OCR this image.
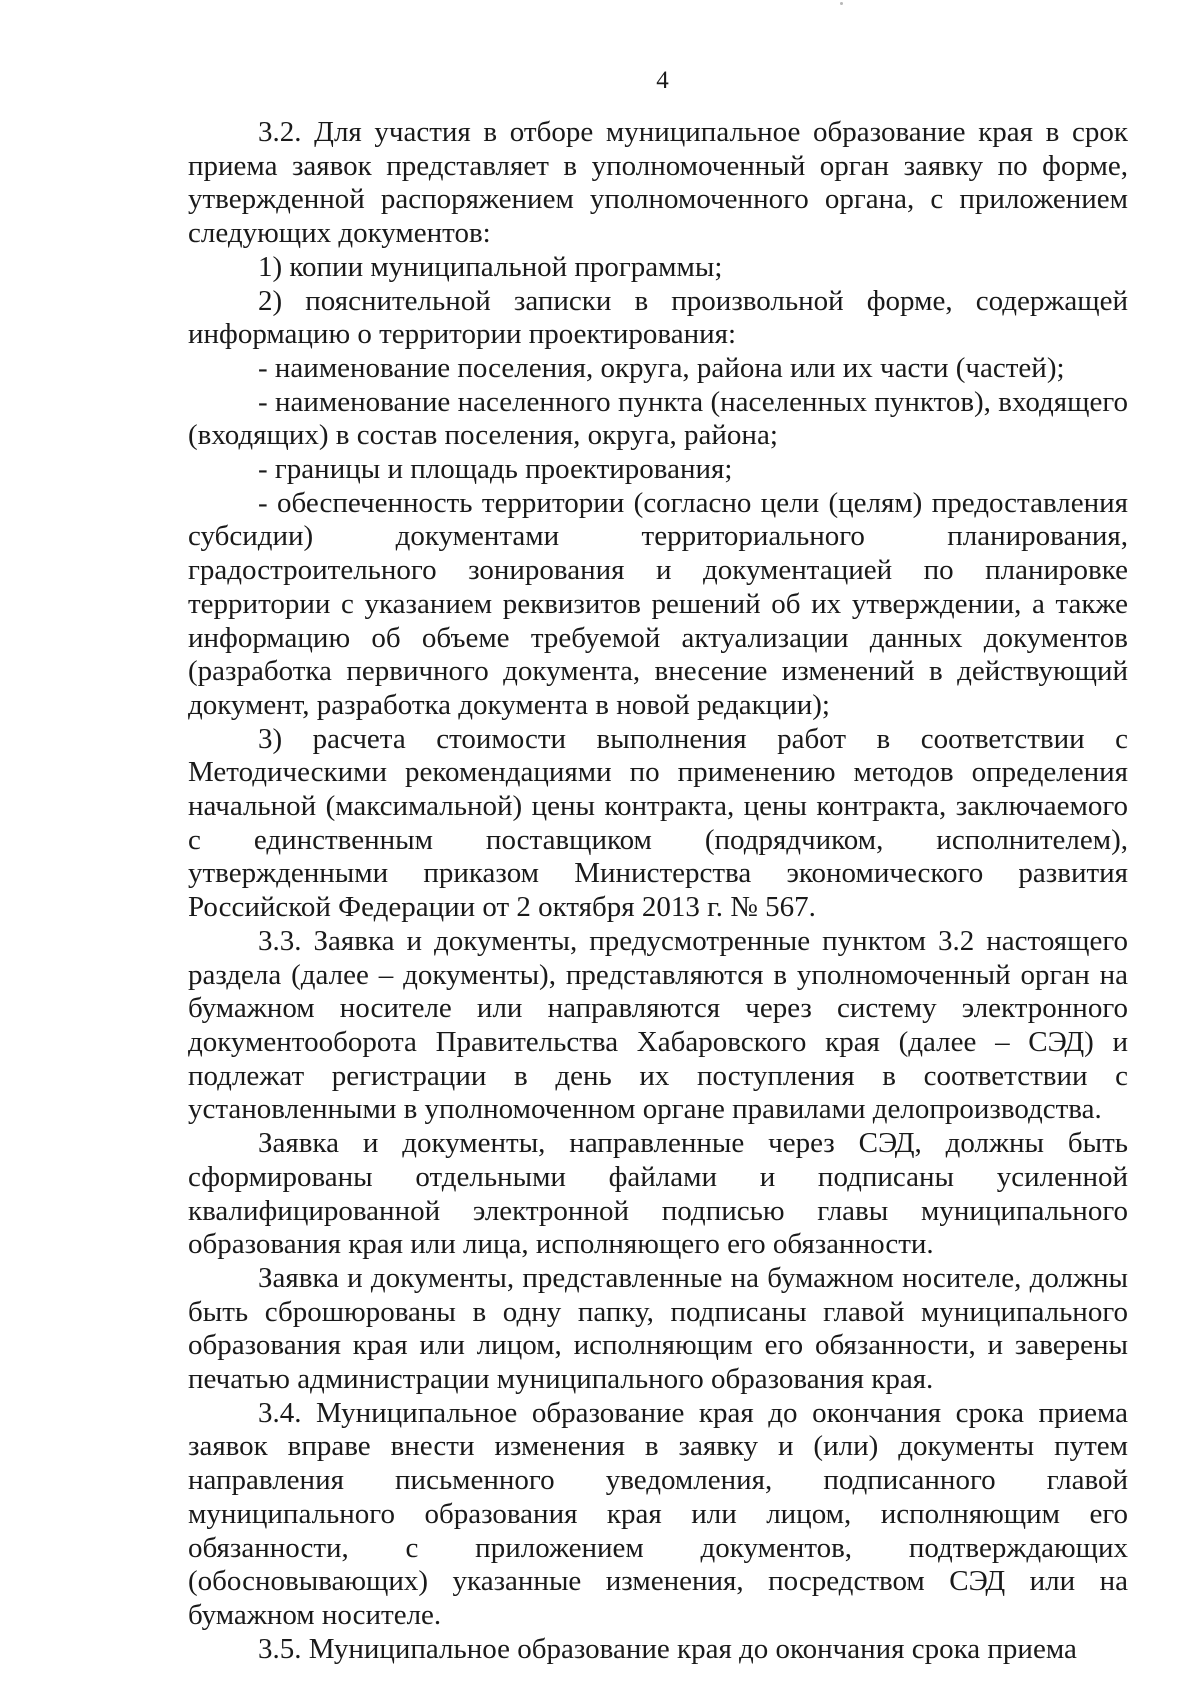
4

3.2. Для участия в отборе муниципальное образование края в срок приема заявок представляет в уполномоченный орган заявку по форме, утвержденной распоряжением уполномоченного органа, с приложением следующих документов:

1) копии муниципальной программы;

2) пояснительной записки в произвольной форме, содержащей информацию о территории проектирования:

- наименование поселения, округа, района или их части (частей);

- наименование населенного пункта (населенных пунктов), входящего (входящих) в состав поселения, округа, района;

- границы и площадь проектирования;

- обеспеченность территории (согласно цели (целям) предоставления субсидии) документами территориального планирования, градостроительного зонирования и документацией по планировке территории с указанием реквизитов решений об их утверждении, а также информацию об объеме требуемой актуализации данных документов (разработка первичного документа, внесение изменений в действующий документ, разработка документа в новой редакции);

3) расчета стоимости выполнения работ в соответствии с Методическими рекомендациями по применению методов определения начальной (максимальной) цены контракта, цены контракта, заключаемого с единственным поставщиком (подрядчиком, исполнителем), утвержденными приказом Министерства экономического развития Российской Федерации от 2 октября 2013 г. № 567.

3.3. Заявка и документы, предусмотренные пунктом 3.2 настоящего раздела (далее – документы), представляются в уполномоченный орган на бумажном носителе или направляются через систему электронного документооборота Правительства Хабаровского края (далее – СЭД) и подлежат регистрации в день их поступления в соответствии с установленными в уполномоченном органе правилами делопроизводства.

Заявка и документы, направленные через СЭД, должны быть сформированы отдельными файлами и подписаны усиленной квалифицированной электронной подписью главы муниципального образования края или лица, исполняющего его обязанности.

Заявка и документы, представленные на бумажном носителе, должны быть сброшюрованы в одну папку, подписаны главой муниципального образования края или лицом, исполняющим его обязанности, и заверены печатью администрации муниципального образования края.

3.4. Муниципальное образование края до окончания срока приема заявок вправе внести изменения в заявку и (или) документы путем направления письменного уведомления, подписанного главой муниципального образования края или лицом, исполняющим его обязанности, с приложением документов, подтверждающих (обосновывающих) указанные изменения, посредством СЭД или на бумажном носителе.

3.5. Муниципальное образование края до окончания срока приема
